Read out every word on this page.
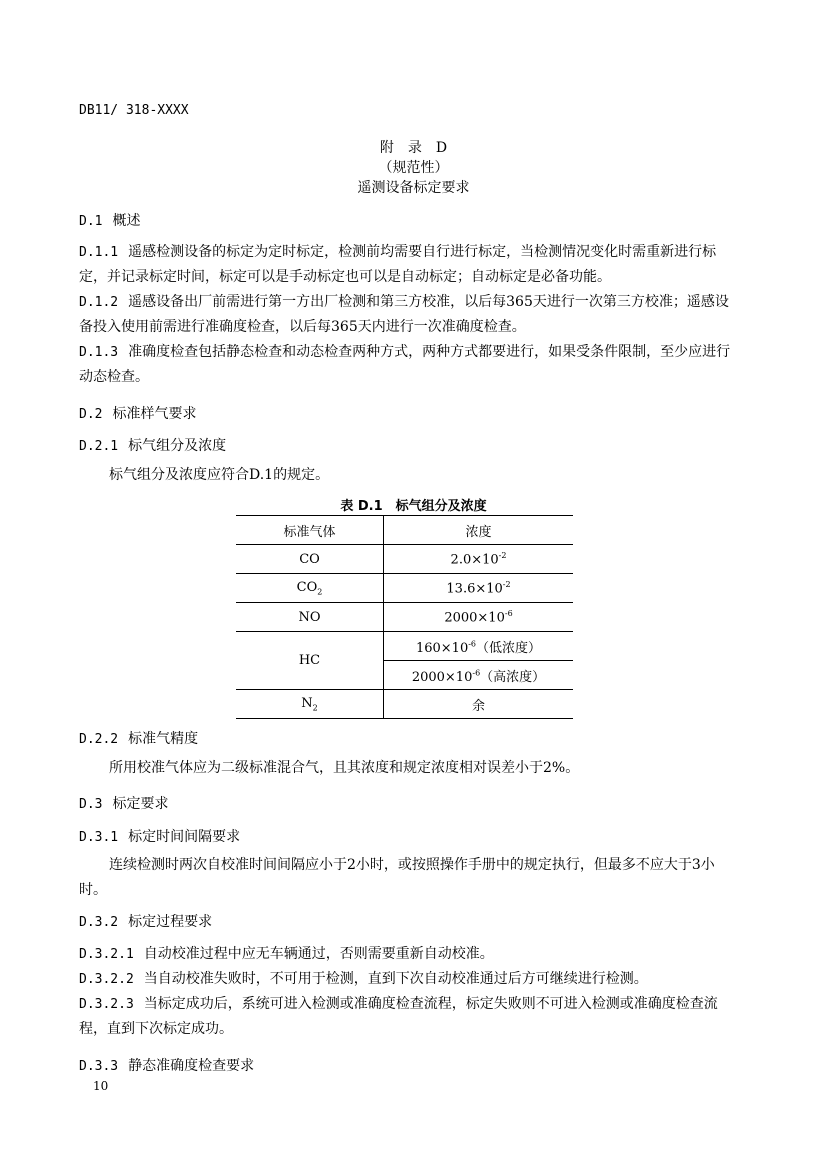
DB11/ 318-XXXX
附　录　D
（规范性）
遥测设备标定要求
D.1 概述
D.1.1 遥感检测设备的标定为定时标定，检测前均需要自行进行标定，当检测情况变化时需重新进行标定，并记录标定时间，标定可以是手动标定也可以是自动标定；自动标定是必备功能。
D.1.2 遥感设备出厂前需进行第一方出厂检测和第三方校准，以后每365天进行一次第三方校准；遥感设备投入使用前需进行准确度检查，以后每365天内进行一次准确度检查。
D.1.3 准确度检查包括静态检查和动态检查两种方式，两种方式都要进行，如果受条件限制，至少应进行动态检查。
D.2 标准样气要求
D.2.1 标气组分及浓度
标气组分及浓度应符合D.1的规定。
表 D.1　标气组分及浓度
标准气体	浓度
CO	$2.0\times 10^{-2}$
$CO_2$	$13.6\times 10^{-2}$
NO	$2000\times 10^{-6}$
HC	$160\times 10^{-6}$（低浓度）
	$2000\times 10^{-6}$（高浓度）
$N_2$	余
D.2.2 标准气精度
所用校准气体应为二级标准混合气，且其浓度和规定浓度相对误差小于2%。
D.3 标定要求
D.3.1 标定时间间隔要求
连续检测时两次自校准时间间隔应小于2小时，或按照操作手册中的规定执行，但最多不应大于3小时。
D.3.2 标定过程要求
D.3.2.1 自动校准过程中应无车辆通过，否则需要重新自动校准。
D.3.2.2 当自动校准失败时，不可用于检测，直到下次自动校准通过后方可继续进行检测。
D.3.2.3 当标定成功后，系统可进入检测或准确度检查流程，标定失败则不可进入检测或准确度检查流程，直到下次标定成功。
D.3.3 静态准确度检查要求
10
